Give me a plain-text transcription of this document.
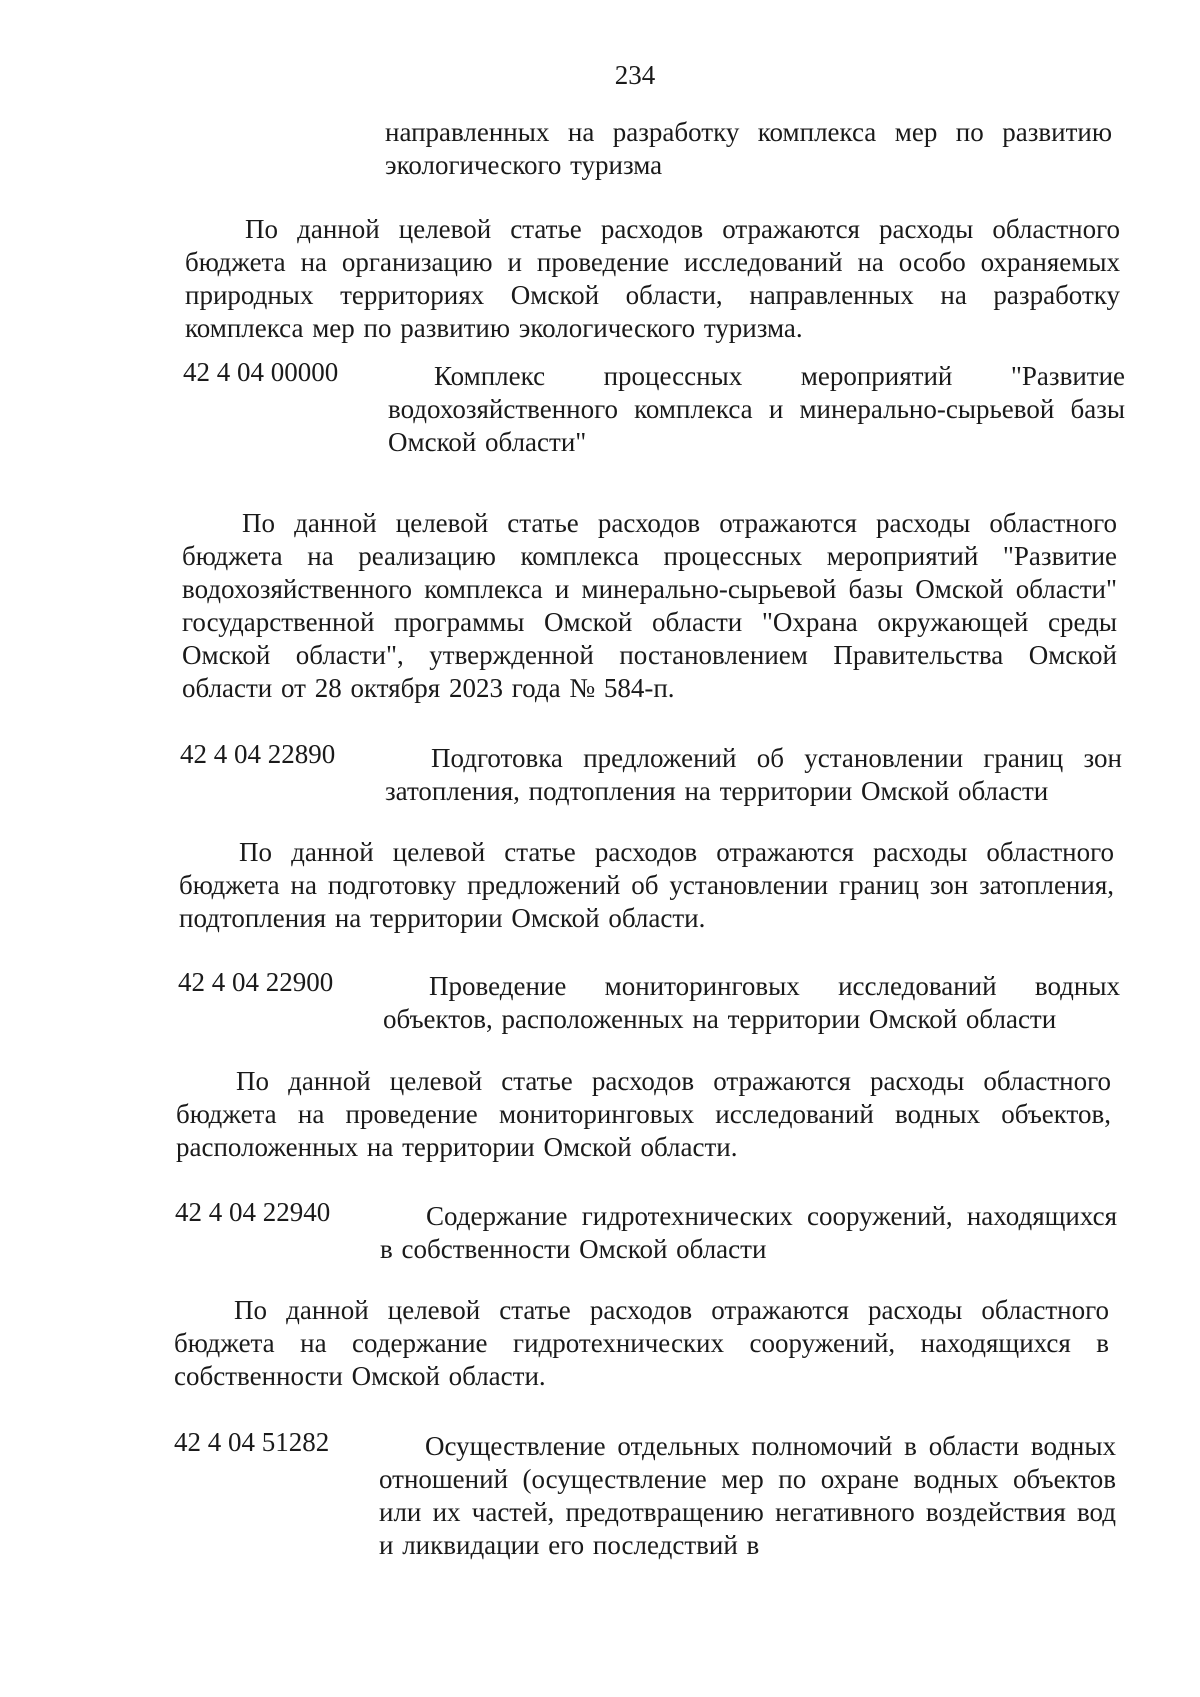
234
направленных на разработку комплекса мер по развитию экологического туризма
По данной целевой статье расходов отражаются расходы областного бюджета на организацию и проведение исследований на особо охраняемых природных территориях Омской области, направленных на разработку комплекса мер по развитию экологического туризма.
42 4 04 00000	Комплекс процессных мероприятий "Развитие водохозяйственного комплекса и минерально-сырьевой базы Омской области"
По данной целевой статье расходов отражаются расходы областного бюджета на реализацию комплекса процессных мероприятий "Развитие водохозяйственного комплекса и минерально-сырьевой базы Омской области" государственной программы Омской области "Охрана окружающей среды Омской области", утвержденной постановлением Правительства Омской области от 28 октября 2023 года № 584-п.
42 4 04 22890	Подготовка предложений об установлении границ зон затопления, подтопления на территории Омской области
По данной целевой статье расходов отражаются расходы областного бюджета на подготовку предложений об установлении границ зон затопления, подтопления на территории Омской области.
42 4 04 22900	Проведение мониторинговых исследований водных объектов, расположенных на территории Омской области
По данной целевой статье расходов отражаются расходы областного бюджета на проведение мониторинговых исследований водных объектов, расположенных на территории Омской области.
42 4 04 22940	Содержание гидротехнических сооружений, находящихся в собственности Омской области
По данной целевой статье расходов отражаются расходы областного бюджета на содержание гидротехнических сооружений, находящихся в собственности Омской области.
42 4 04 51282	Осуществление отдельных полномочий в области водных отношений (осуществление мер по охране водных объектов или их частей, предотвращению негативного воздействия вод и ликвидации его последствий в
